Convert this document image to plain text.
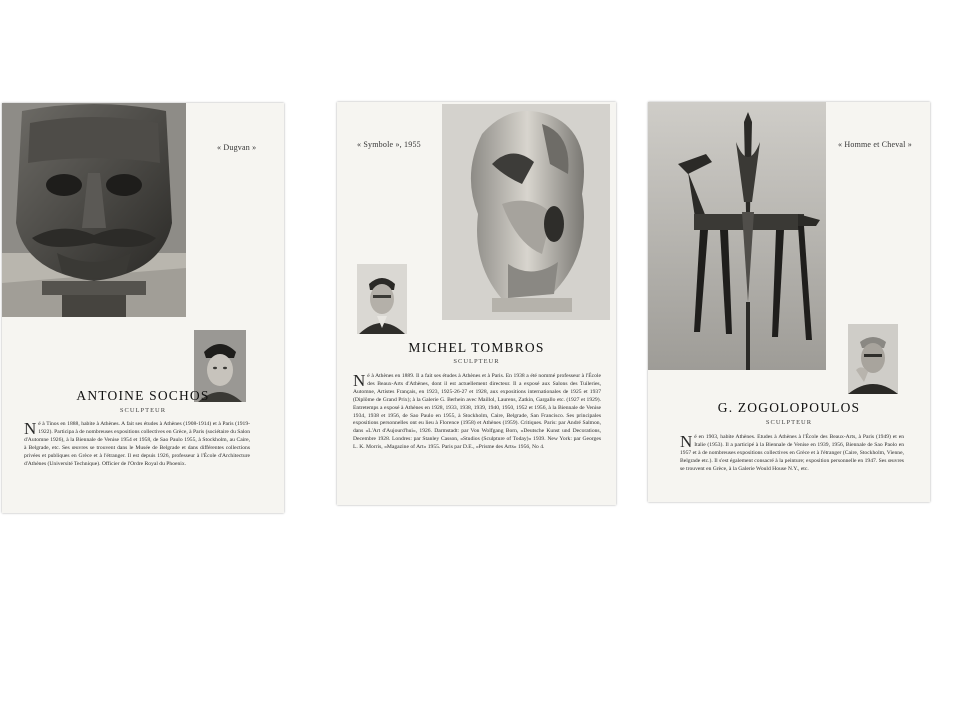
« Dugvan »
ANTOINE SOCHOS
SCULPTEUR

Né à Tinos en 1888, habite à Athènes. A fait ses études à Athènes (1908-1914) et à Paris (1919-1922). Participa à de nombreuses expositions collectives en Grèce, à Paris (sociétaire du Salon d'Automne 1926), à la Biennale de Venise 1954 et 1958, de Sao Paulo 1955, à Stockholm, au Caire, à Belgrade, etc. Ses œuvres se trouvent dans le Musée de Belgrade et dans différentes collections privées et publiques en Grèce et à l'étranger. Il est depuis 1926, professeur à l'École d'Architecture d'Athènes (Université Technique). Officier de l'Ordre Royal du Phoenix.

« Symbole », 1955
MICHEL TOMBROS
SCULPTEUR

Né à Athènes en 1889. Il a fait ses études à Athènes et à Paris. En 1938 a été nommé professeur à l'École des Beaux-Arts d'Athènes, dont il est actuellement directeur. Il a exposé aux Salons des Tuileries, Automne, Artistes Français, en 1923, 1925-26-27 et 1928, aux expositions internationales de 1925 et 1937 (Diplôme de Grand Prix); à la Galerie G. Berhein avec Maillol, Laurens, Zatkin, Gargallo etc. (1927 et 1929). Entretemps a exposé à Athènes en 1928, 1933, 1938, 1939, 1940, 1950, 1952 et 1956, à la Biennale de Venise 1934, 1938 et 1956, de Sao Paulo en 1955, à Stockholm, Caire, Belgrade, San Francisco. Ses principales expositions personnelles ont eu lieu à Florence (1958) et Athènes (1959). Critiques. Paris: par André Salmon, dans «L'Art d'Aujourd'hui», 1926. Darmstadt: par Von Wolfgang Born, «Deutsche Kunst und Decorations, Decembre 1928. Londres: par Stanley Casson, «Studios (Sculpture of Today)» 1939. New York: par Georges L. K. Morris, «Magazine of Art» 1955. Paris par D.E., «Prisme des Arts» 1956, No 4.

« Homme et Cheval »
G. ZOGOLOPOULOS
SCULPTEUR

Né en 1903, habite Athènes. Etudes à Athènes à l'École des Beaux-Arts, à Paris (1949) et en Italie (1953). Il a participé à la Biennale de Venise en 1939, 1956, Biennale de Sao Paolo en 1957 et à de nombreuses expositions collectives en Grèce et à l'étranger (Caire, Stockholm, Vienne, Belgrade etc.). Il s'est également consacré à la peinture; exposition personnelle en 1947. Ses œuvres se trouvent en Grèce, à la Galerie Would House N.Y., etc.
